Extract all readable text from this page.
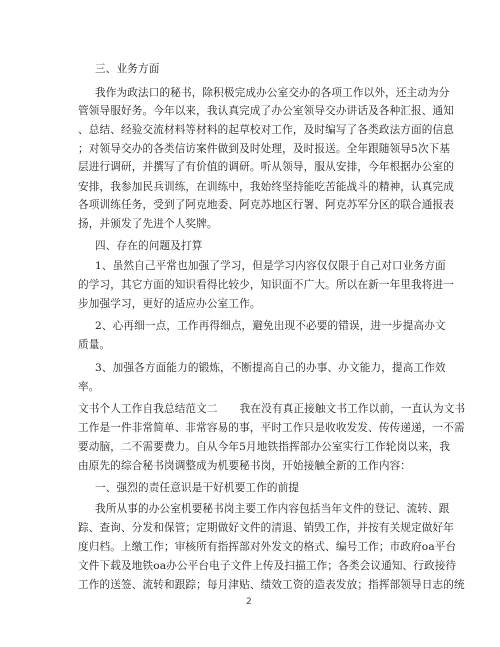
三、业务方面
我作为政法口的秘书，除积极完成办公室交办的各项工作以外，还主动为分
管领导服好务。今年以来，我认真完成了办公室领导交办讲话及各种汇报、通知
、总结、经验交流材料等材料的起草校对工作，及时编写了各类政法方面的信息
；对领导交办的各类信访案件做到及时处理，及时报送。全年跟随领导5次下基
层进行调研，并撰写了有价值的调研。听从领导，服从安排，今年根据办公室的
安排，我参加民兵训练，在训练中，我始终坚持能吃苦能战斗的精神，认真完成
各项训练任务，受到了阿克地委、阿克苏地区行署、阿克苏军分区的联合通报表
扬，并颁发了先进个人奖牌。
四、存在的问题及打算
1、虽然自己平常也加强了学习，但是学习内容仅仅限于自己对口业务方面
的学习，其它方面的知识看得比较少，知识面不广大。所以在新一年里我将进一
步加强学习，更好的适应办公室工作。
2、心再细一点，工作再得细点，避免出现不必要的错误，进一步提高办文
质量。
3、加强各方面能力的锻炼，不断提高自己的办事、办文能力，提高工作效
率。
文书个人工作自我总结范文二 我在没有真正接触文书工作以前，一直认为文书
工作是一件非常简单、非常容易的事，平时工作只是收收发发、传传递递，一不需
要动脑，二不需要费力。自从今年5月地铁指挥部办公室实行工作轮岗以来，我
由原先的综合秘书岗调整成为机要秘书岗，开始接触全新的工作内容：
一、强烈的责任意识是干好机要工作的前提
我所从事的办公室机要秘书岗主要工作内容包括当年文件的登记、流转、跟
踪、查询、分发和保管；定期做好文件的清退、销毁工作，并按有关规定做好年
度归档。上缴工作；审核所有指挥部对外发文的格式、编号工作；市政府oa平台
文件下载及地铁oa办公平台电子文件上传及扫描工作；各类会议通知、行政接待
工作的送签、流转和跟踪；每月津贴、绩效工资的造表发放；指挥部领导日志的统
2
